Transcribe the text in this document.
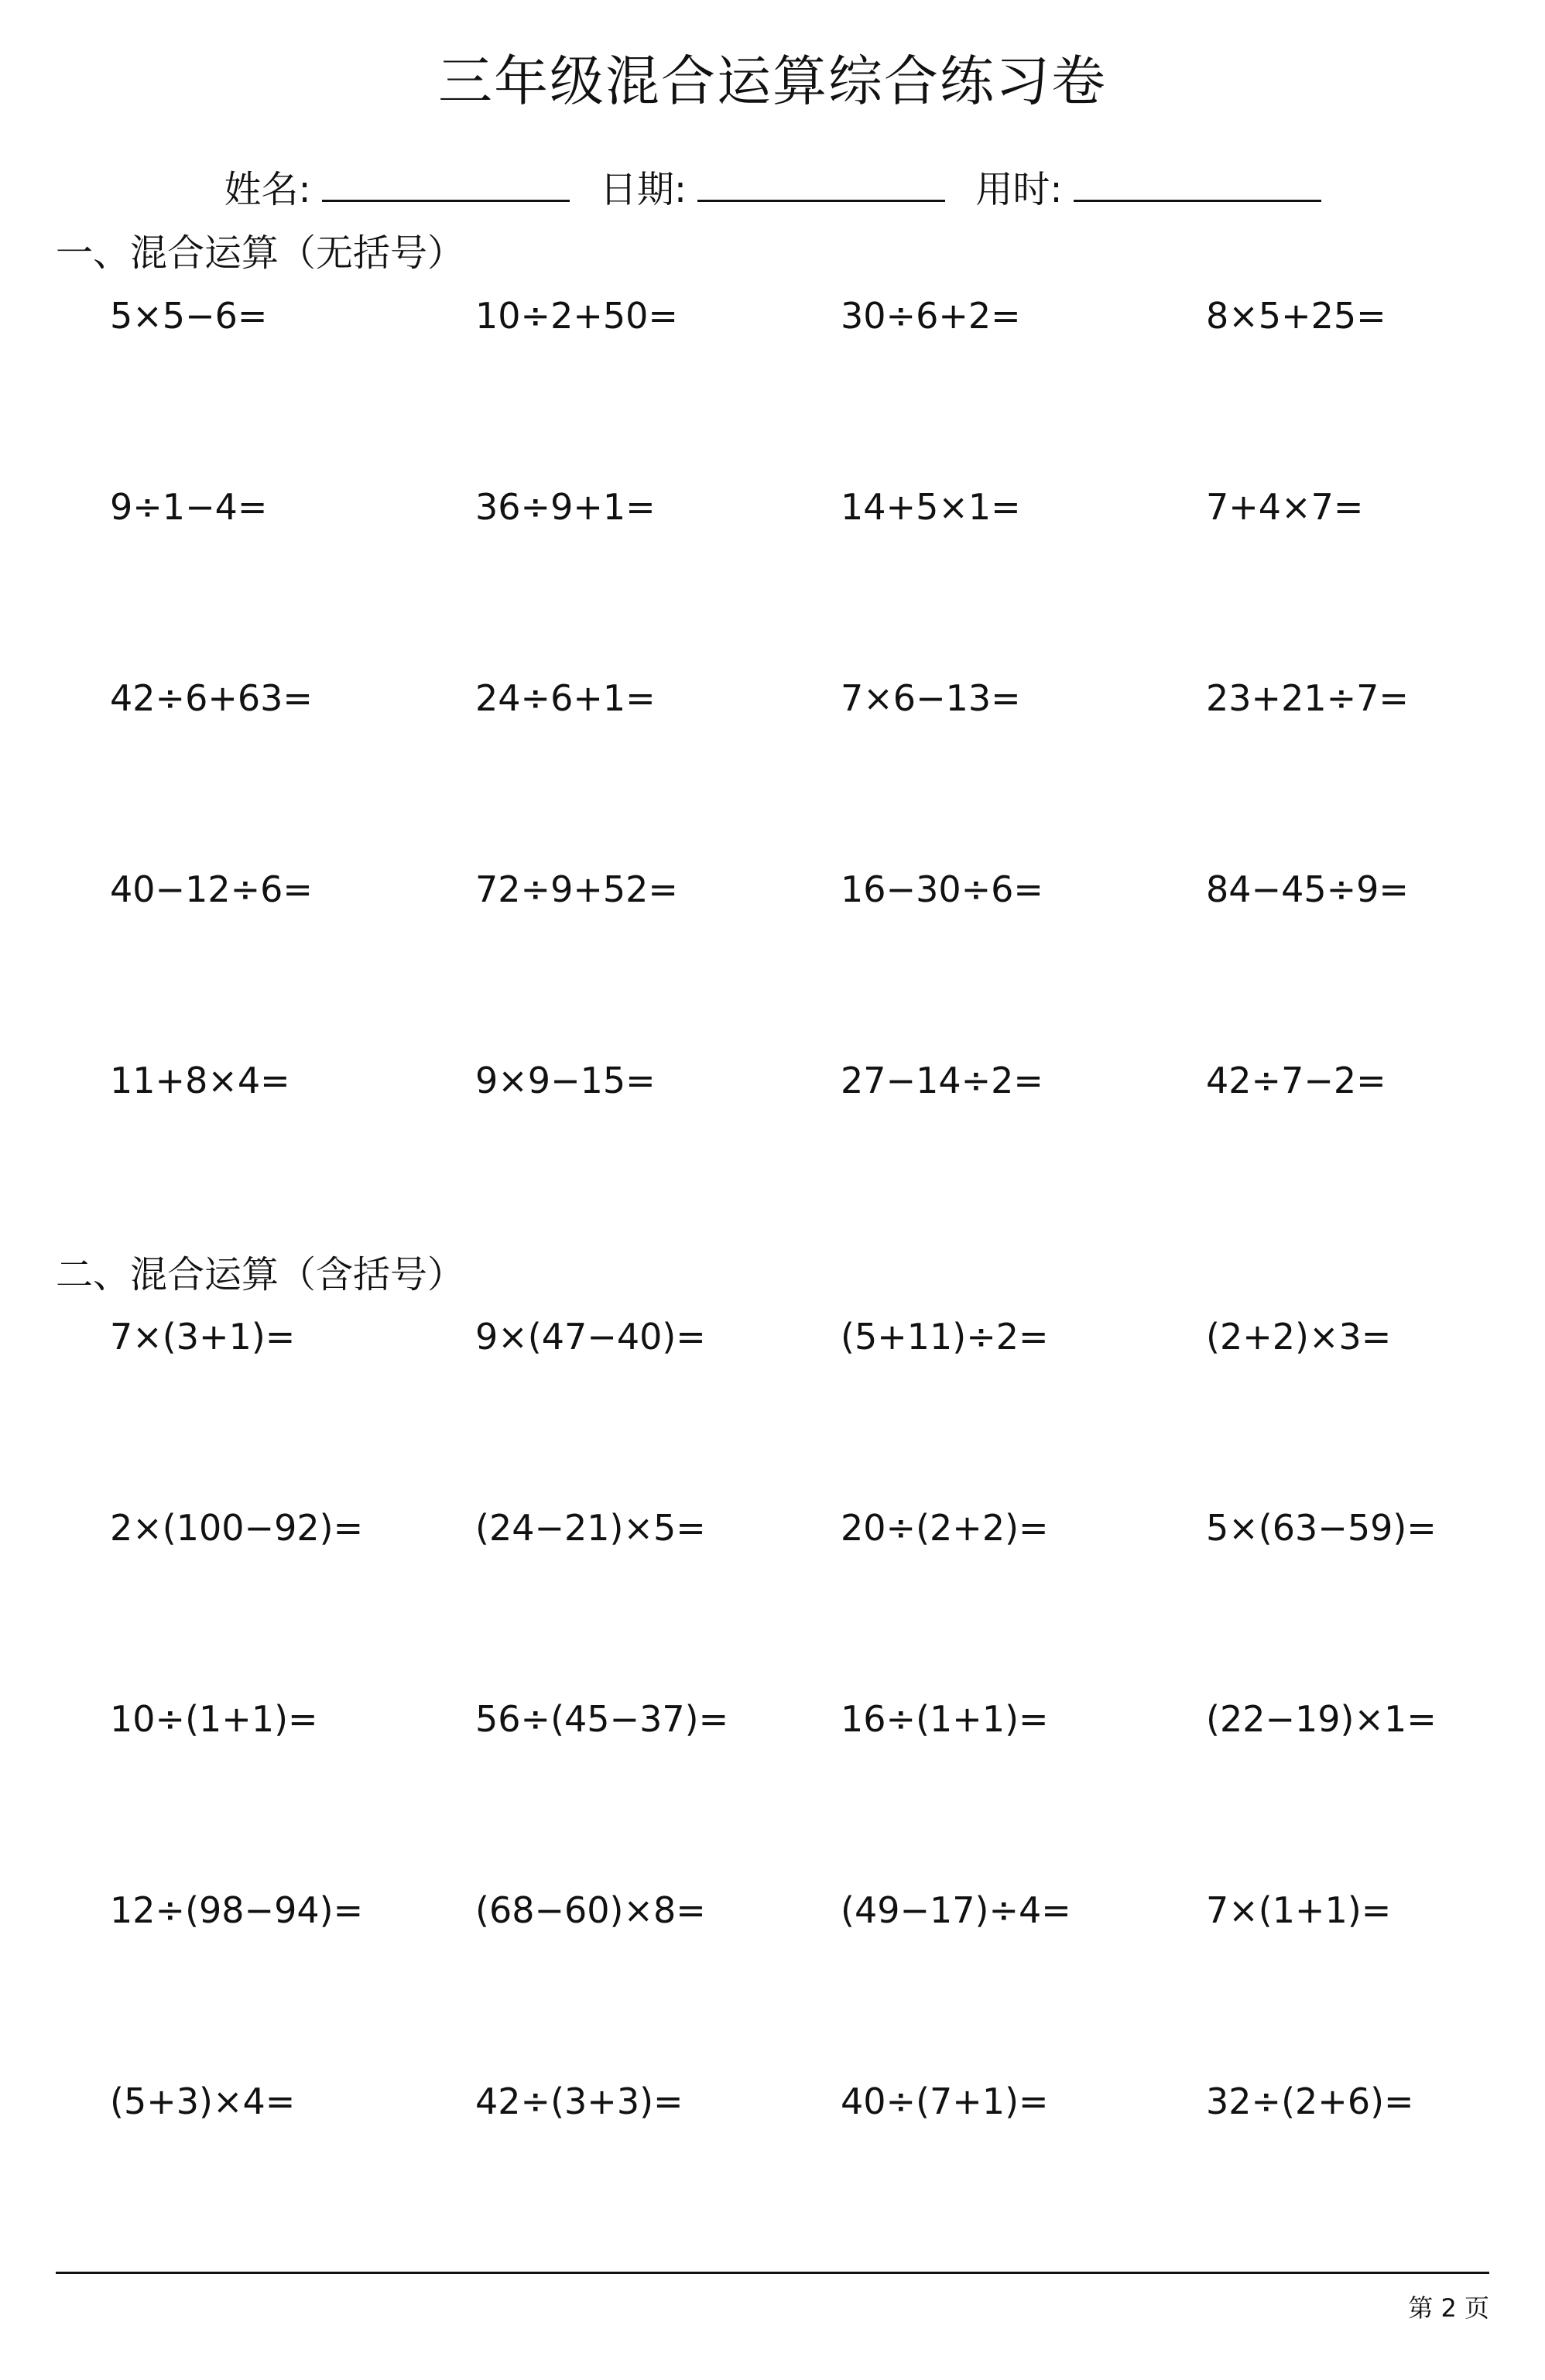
三年级混合运算综合练习卷
姓名:	日期:	用时:
一、混合运算（无括号）
5×5−6=	10÷2+50=	30÷6+2=	8×5+25=
9÷1−4=	36÷9+1=	14+5×1=	7+4×7=
42÷6+63=	24÷6+1=	7×6−13=	23+21÷7=
40−12÷6=	72÷9+52=	16−30÷6=	84−45÷9=
11+8×4=	9×9−15=	27−14÷2=	42÷7−2=
二、混合运算（含括号）
7×(3+1)=	9×(47−40)=	(5+11)÷2=	(2+2)×3=
2×(100−92)=	(24−21)×5=	20÷(2+2)=	5×(63−59)=
10÷(1+1)=	56÷(45−37)=	16÷(1+1)=	(22−19)×1=
12÷(98−94)=	(68−60)×8=	(49−17)÷4=	7×(1+1)=
(5+3)×4=	42÷(3+3)=	40÷(7+1)=	32÷(2+6)=
第 2 页
